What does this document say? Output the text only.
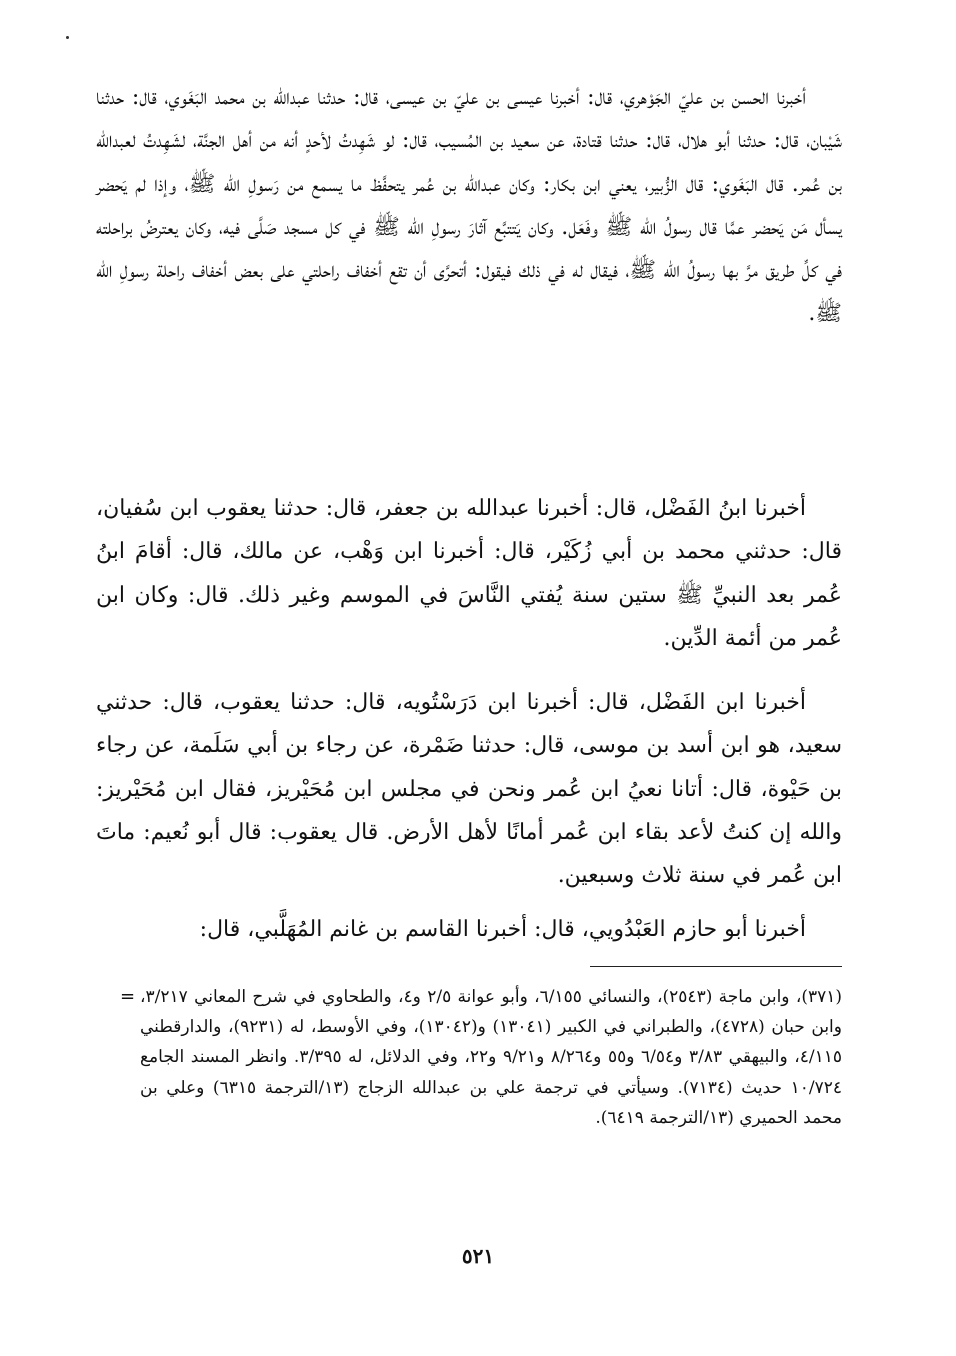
أخبرنا الحسن بن عليّ الجَوْهري، قال: أخبرنا عيسى بن عليّ بن عيسى، قال: حدثنا عبدالله بن محمد البَغَوي، قال: حدثنا شَيْبان، قال: حدثنا أبو هلال، قال: حدثنا قتادة، عن سعيد بن المُسيب، قال: لو شَهِدتُ لأحدٍ أنه من أهل الجنَّة، لشَهِدتُ لعبدالله بن عُمر. قال البَغَوي: قال الزُّبير، يعني ابن بكار: وكان عبدالله بن عُمر يتحفَّظ ما يسمع من رَسولِ الله ﷺ، وإذا لم يَحضر يسأل مَن يَحضر عمَّا قال رسولُ الله ﷺ وفَعَل. وكان يَتتبَّع آثارَ رسولِ الله ﷺ في كل مسجد صَلَّى فيه، وكان يعترضُ براحلته في كلِّ طريق مرَّ بها رسولُ الله ﷺ، فيقال له في ذلك فيقول: أتحرَّى أن تقع أخفاف راحلتي على بعض أخفاف راحلة رسولِ الله ﷺ.

أخبرنا ابنُ الفَضْل، قال: أخبرنا عبدالله بن جعفر، قال: حدثنا يعقوب ابن سُفيان، قال: حدثني محمد بن أبي زُكَيْر، قال: أخبرنا ابن وَهْب، عن مالك، قال: أقامَ ابنُ عُمر بعد النبيِّ ﷺ ستين سنة يُفتي النَّاسَ في الموسم وغير ذلك. قال: وكان ابن عُمر من أئمة الدِّين.

أخبرنا ابن الفَضْل، قال: أخبرنا ابن دَرَسْتُويه، قال: حدثنا يعقوب، قال: حدثني سعيد، هو ابن أسد بن موسى، قال: حدثنا ضَمْرة، عن رجاء بن أبي سَلَمة، عن رجاء بن حَيْوة، قال: أتانا نعيُ ابن عُمر ونحن في مجلس ابن مُحَيْريز، فقال ابن مُحَيْريز: والله إن كنتُ لأعد بقاء ابن عُمر أمانًا لأهل الأرض. قال يعقوب: قال أبو نُعيم: ماتَ ابن عُمر في سنة ثلاث وسبعين.

أخبرنا أبو حازم العَبْدُويي، قال: أخبرنا القاسم بن غانم المُهَلَّبي، قال:

= (٣٧١)، وابن ماجة (٢٥٤٣)، والنسائي ٦/١٥٥، وأبو عوانة ٢/٥ و٤، والطحاوي في شرح المعاني ٣/٢١٧، وابن حبان (٤٧٢٨)، والطبراني في الكبير (١٣٠٤١) و(١٣٠٤٢)، وفي الأوسط، له (٩٢٣١)، والدارقطني ٤/١١٥، والبيهقي ٣/٨٣ و٦/٥٤ و٥٥ و٨/٢٦٤ و٩/٢١ و٢٢، وفي الدلائل، له ٣/٣٩٥. وانظر المسند الجامع ١٠/٧٢٤ حديث (٧١٣٤). وسيأتي في ترجمة علي بن عبدالله الزجاج (١٣/الترجمة ٦٣١٥) وعلي بن محمد الحميري (١٣/الترجمة ٦٤١٩).

٥٢١
